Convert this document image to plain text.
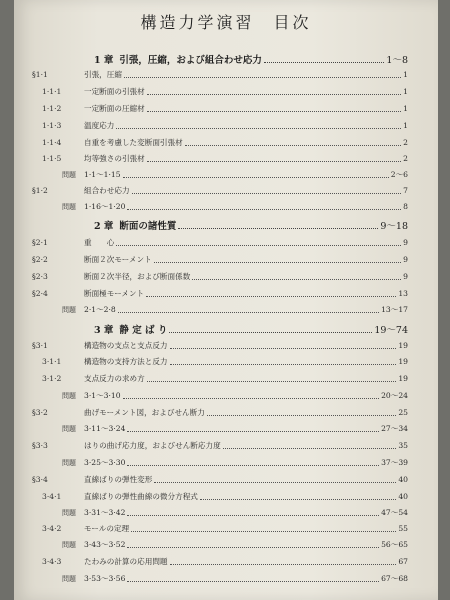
構造力学演習　目次
1 章 引張，圧縮，および組合わせ応力	1～8
§1·1	引張，圧縮	1
1·1·1	一定断面の引張材	1
1·1·2	一定断面の圧縮材	1
1·1·3	温度応力	1
1·1·4	自重を考慮した変断面引張材	2
1·1·5	均等強さの引張材	2
問題	1·1～1·15	2～6
§1·2	組合わせ応力	7
問題	1·16～1·20	8
2 章 断面の諸性質	9～18
§2·1	重　　心	9
§2·2	断面２次モーメント	9
§2·3	断面２次半径，および断面係数	9
§2·4	断面極モーメント	13
問題	2·1～2·8	13～17
3 章 静 定 ば り	19～74
§3·1	構造物の支点と支点反力	19
3·1·1	構造物の支持方法と反力	19
3·1·2	支点反力の求め方	19
問題	3·1～3·10	20～24
§3·2	曲げモーメント図，およびせん断力	25
問題	3·11～3·24	27～34
§3·3	はりの曲げ応力度，およびせん断応力度	35
問題	3·25～3·30	37～39
§3·4	直線ばりの弾性変形	40
3·4·1	直線ばりの弾性曲線の微分方程式	40
問題	3·31～3·42	47～54
3·4·2	モールの定理	55
問題	3·43～3·52	56～65
3·4·3	たわみの計算の応用問題	67
問題	3·53～3·56	67～68
